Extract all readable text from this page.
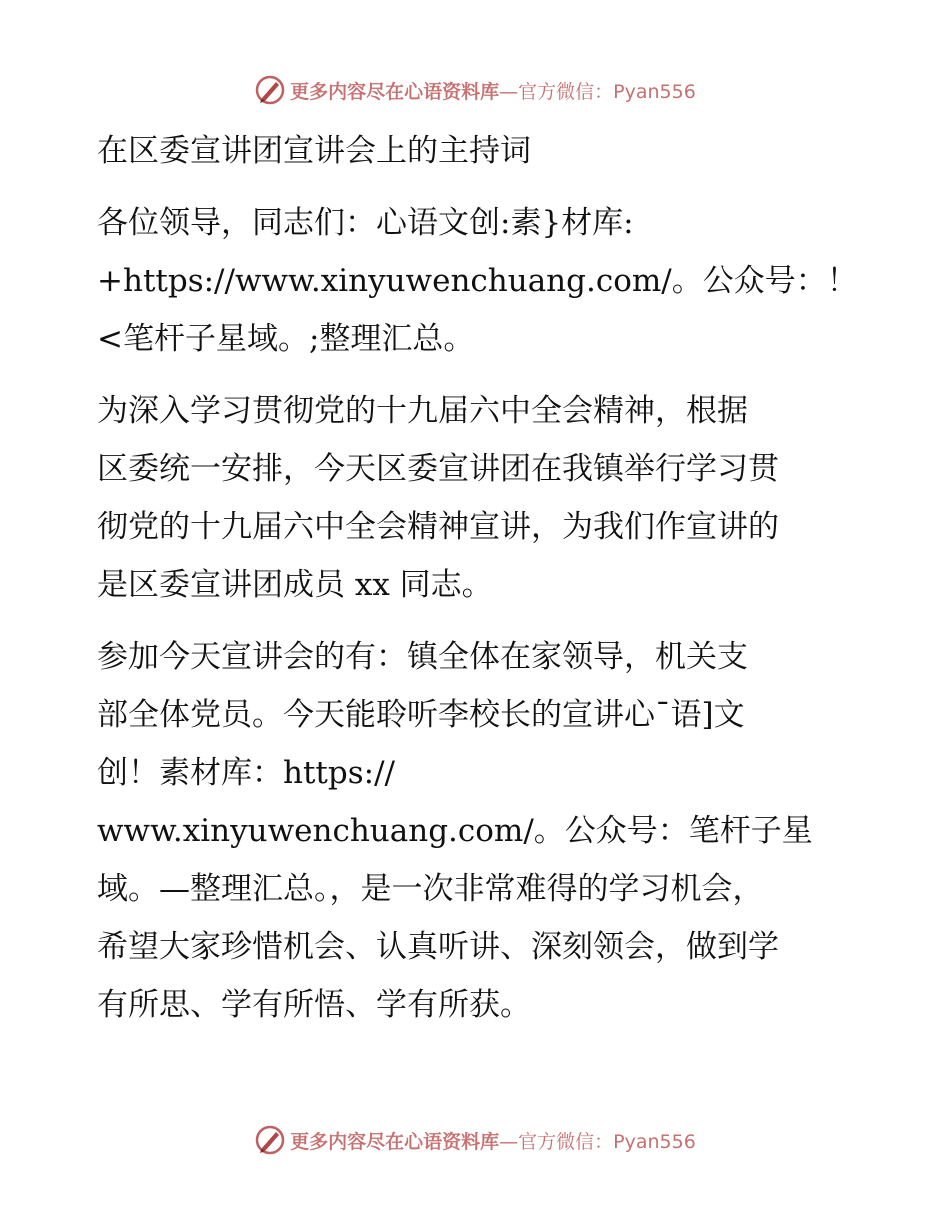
更多内容尽在心语资料库 —官方微信：Pyan556
在区委宣讲团宣讲会上的主持词
各位领导，同志们：心语文创:素}材库:
+https://www.xinyuwenchuang.com/。公众号：！
<笔杆子星域。;整理汇总。
为深入学习贯彻党的十九届六中全会精神，根据
区委统一安排，今天区委宣讲团在我镇举行学习贯
彻党的十九届六中全会精神宣讲，为我们作宣讲的
是区委宣讲团成员 xx 同志。
参加今天宣讲会的有：镇全体在家领导，机关支
部全体党员。今天能聆听李校长的宣讲心¯语]文
创！素材库：https://
www.xinyuwenchuang.com/。公众号：笔杆子星
域。—整理汇总。，是一次非常难得的学习机会，
希望大家珍惜机会、认真听讲、深刻领会，做到学
有所思、学有所悟、学有所获。
更多内容尽在心语资料库 —官方微信：Pyan556
